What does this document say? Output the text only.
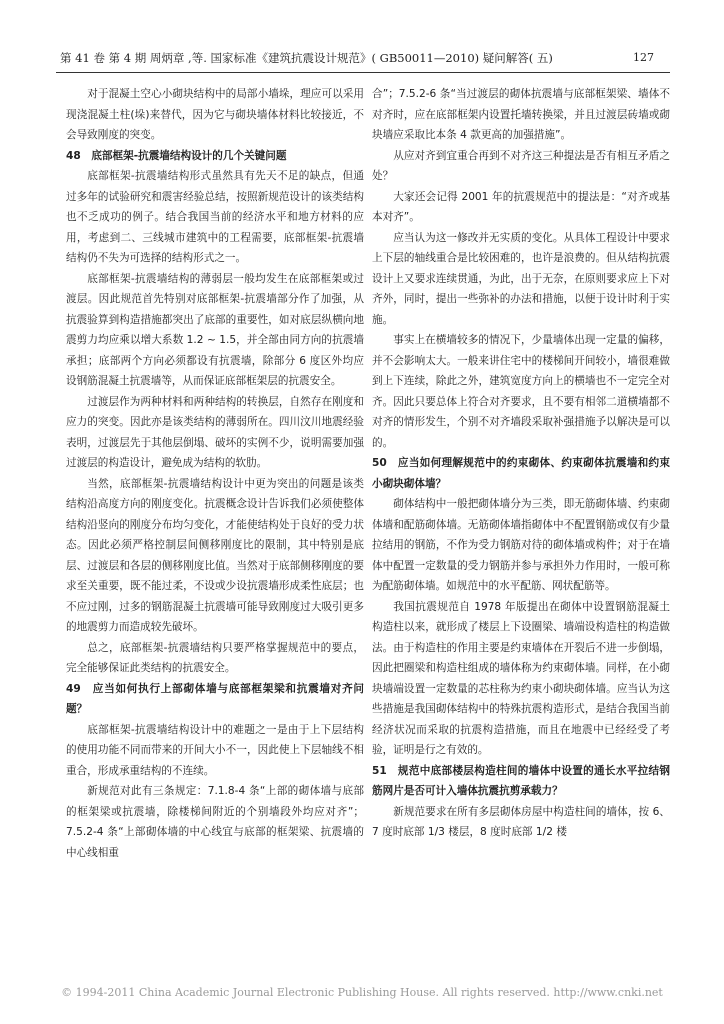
第 41 卷 第 4 期 周炳章 ,等. 国家标准《建筑抗震设计规范》( GB50011—2010) 疑问解答( 五)	127

对于混凝土空心小砌块结构中的局部小墙垛，理应可以采用现浇混凝土柱(垛)来替代，因为它与砌块墙体材料比较接近，不会导致刚度的突变。

48　底部框架-抗震墙结构设计的几个关键问题

底部框架-抗震墙结构形式虽然具有先天不足的缺点，但通过多年的试验研究和震害经验总结，按照新规范设计的该类结构也不乏成功的例子。结合我国当前的经济水平和地方材料的应用，考虑到二、三线城市建筑中的工程需要，底部框架-抗震墙结构仍不失为可选择的结构形式之一。

底部框架-抗震墙结构的薄弱层一般均发生在底部框架或过渡层。因此规范首先特别对底部框架-抗震墙部分作了加强，从抗震验算到构造措施都突出了底部的重要性，如对底层纵横向地震剪力均应乘以增大系数 1.2 ~ 1.5，并全部由同方向的抗震墙承担；底部两个方向必须都设有抗震墙，除部分 6 度区外均应设钢筋混凝土抗震墙等，从而保证底部框架层的抗震安全。

过渡层作为两种材料和两种结构的转换层，自然存在刚度和应力的突变。因此亦是该类结构的薄弱所在。四川汶川地震经验表明，过渡层先于其他层倒塌、破坏的实例不少，说明需要加强过渡层的构造设计，避免成为结构的软肋。

当然，底部框架-抗震墙结构设计中更为突出的问题是该类结构沿高度方向的刚度变化。抗震概念设计告诉我们必须使整体结构沿竖向的刚度分布均匀变化，才能使结构处于良好的受力状态。因此必须严格控制层间侧移刚度比的限制，其中特别是底层、过渡层和各层的侧移刚度比值。当然对于底部侧移刚度的要求至关重要，既不能过柔，不设或少设抗震墙形成柔性底层；也不应过刚，过多的钢筋混凝土抗震墙可能导致刚度过大吸引更多的地震剪力而造成较先破坏。

总之，底部框架-抗震墙结构只要严格掌握规范中的要点，完全能够保证此类结构的抗震安全。

49　应当如何执行上部砌体墙与底部框架梁和抗震墙对齐问题？

底部框架-抗震墙结构设计中的难题之一是由于上下层结构的使用功能不同而带来的开间大小不一，因此使上下层轴线不相重合，形成承重结构的不连续。

新规范对此有三条规定：7.1.8-4 条“上部的砌体墙与底部的框架梁或抗震墙，除楼梯间附近的个别墙段外均应对齐”；7.5.2-4 条“上部砌体墙的中心线宜与底部的框架梁、抗震墙的中心线相重

合”；7.5.2-6 条“当过渡层的砌体抗震墙与底部框架梁、墙体不对齐时，应在底部框架内设置托墙转换梁，并且过渡层砖墙或砌块墙应采取比本条 4 款更高的加强措施”。

从应对齐到宜重合再到不对齐这三种提法是否有相互矛盾之处？

大家还会记得 2001 年的抗震规范中的提法是：“对齐或基本对齐”。

应当认为这一修改并无实质的变化。从具体工程设计中要求上下层的轴线重合是比较困难的，也许是浪费的。但从结构抗震设计上又要求连续贯通，为此，出于无奈，在原则要求应上下对齐外，同时，提出一些弥补的办法和措施，以便于设计时利于实施。

事实上在横墙较多的情况下，少量墙体出现一定量的偏移，并不会影响太大。一般来讲住宅中的楼梯间开间较小，墙很难做到上下连续，除此之外，建筑宽度方向上的横墙也不一定完全对齐。因此只要总体上符合对齐要求，且不要有相邻二道横墙都不对齐的情形发生，个别不对齐墙段采取补强措施予以解决是可以的。

50　应当如何理解规范中的约束砌体、约束砌体抗震墙和约束小砌块砌体墙？

砌体结构中一般把砌体墙分为三类，即无筋砌体墙、约束砌体墙和配筋砌体墙。无筋砌体墙指砌体中不配置钢筋或仅有少量拉结用的钢筋，不作为受力钢筋对待的砌体墙或构件；对于在墙体中配置一定数量的受力钢筋并参与承担外力作用时，一般可称为配筋砌体墙。如规范中的水平配筋、网状配筋等。

我国抗震规范自 1978 年版提出在砌体中设置钢筋混凝土构造柱以来，就形成了楼层上下设圈梁、墙端设构造柱的构造做法。由于构造柱的作用主要是约束墙体在开裂后不进一步倒塌，因此把圈梁和构造柱组成的墙体称为约束砌体墙。同样，在小砌块墙端设置一定数量的芯柱称为约束小砌块砌体墙。应当认为这些措施是我国砌体结构中的特殊抗震构造形式，是结合我国当前经济状况而采取的抗震构造措施，而且在地震中已经经受了考验，证明是行之有效的。

51　规范中底部楼层构造柱间的墙体中设置的通长水平拉结钢筋网片是否可计入墙体抗震抗剪承载力？

新规范要求在所有多层砌体房屋中构造柱间的墙体，按 6、7 度时底部 1/3 楼层，8 度时底部 1/2 楼

© 1994-2011 China Academic Journal Electronic Publishing House. All rights reserved. http://www.cnki.net
